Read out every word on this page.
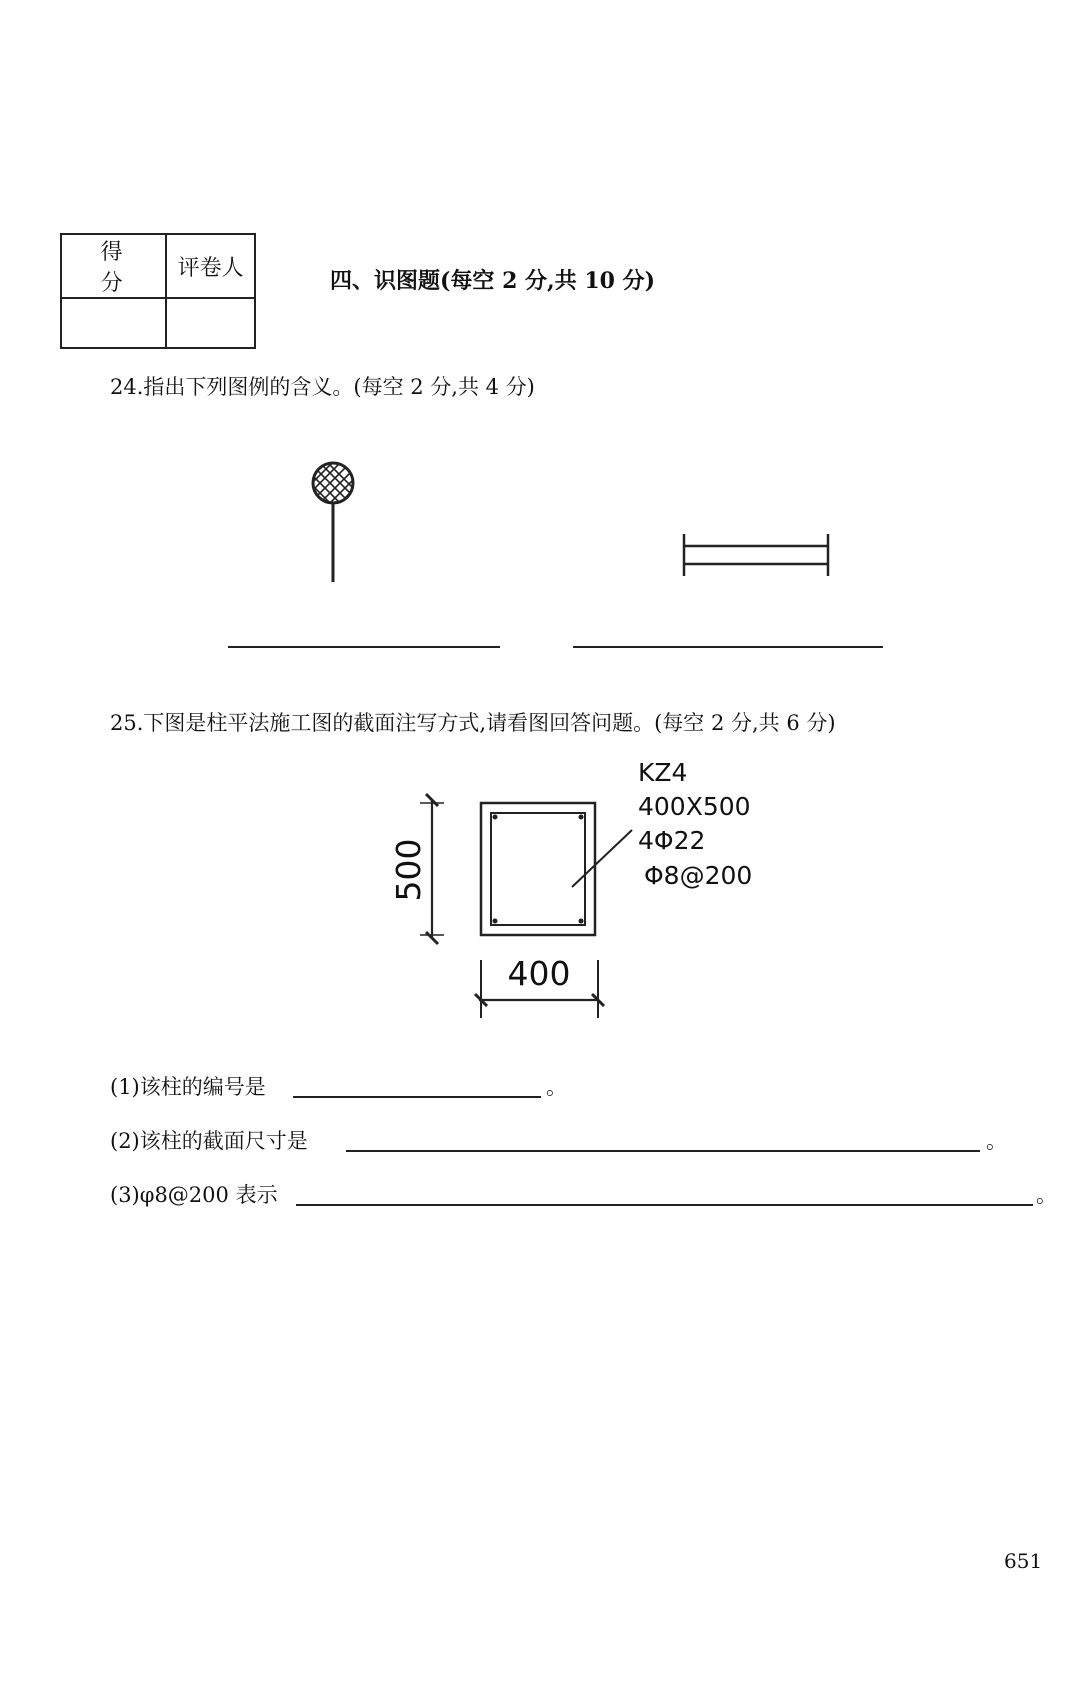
得 分	评卷人
		四、识图题(每空 2 分,共 10 分)
24.指出下列图例的含义。(每空 2 分,共 4 分)
25.下图是柱平法施工图的截面注写方式,请看图回答问题。(每空 2 分,共 6 分)
500
400
KZ4
400X500
4Φ22
Φ8@200
(1)该柱的编号是	。
(2)该柱的截面尺寸是	。
(3)φ8@200 表示	。
651
